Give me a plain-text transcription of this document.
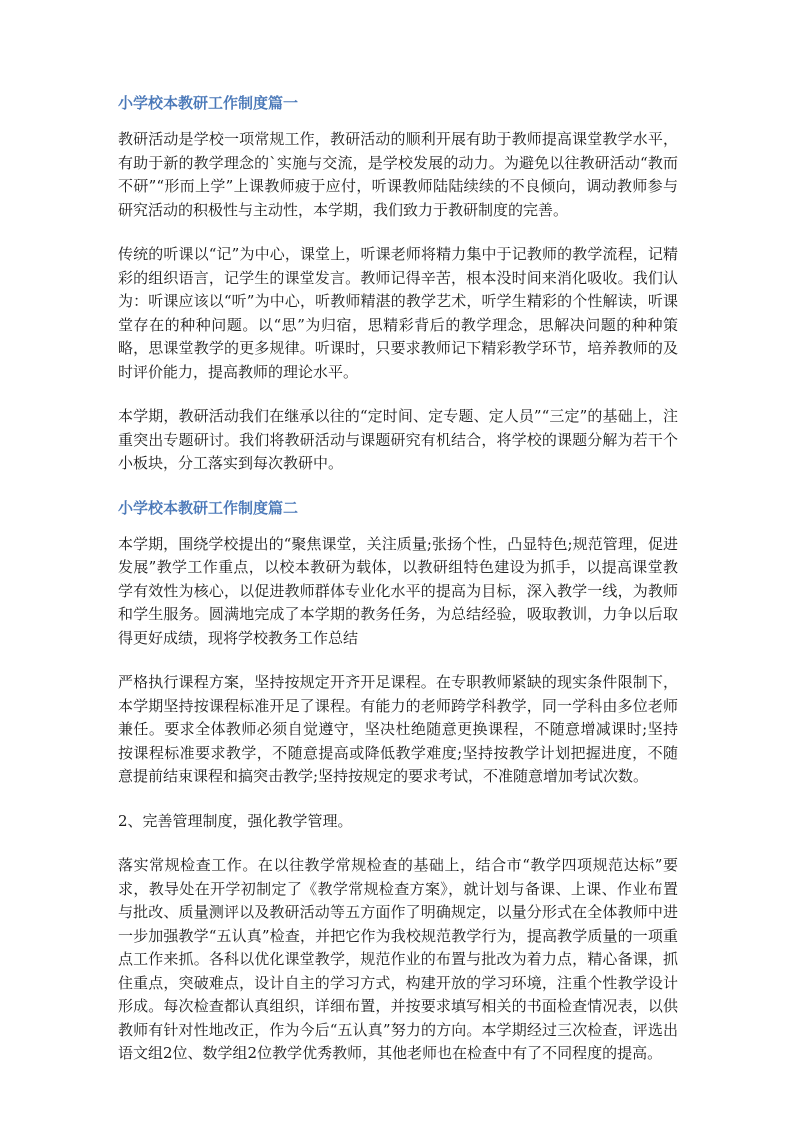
小学校本教研工作制度篇一

教研活动是学校一项常规工作，教研活动的顺利开展有助于教师提高课堂教学水平，有助于新的教学理念的`实施与交流，是学校发展的动力。为避免以往教研活动“教而不研”“形而上学”上课教师疲于应付，听课教师陆陆续续的不良倾向，调动教师参与研究活动的积极性与主动性，本学期，我们致力于教研制度的完善。

传统的听课以“记”为中心，课堂上，听课老师将精力集中于记教师的教学流程，记精彩的组织语言，记学生的课堂发言。教师记得辛苦，根本没时间来消化吸收。我们认为：听课应该以“听”为中心，听教师精湛的教学艺术，听学生精彩的个性解读，听课堂存在的种种问题。以“思”为归宿，思精彩背后的教学理念，思解决问题的种种策略，思课堂教学的更多规律。听课时，只要求教师记下精彩教学环节，培养教师的及时评价能力，提高教师的理论水平。

本学期，教研活动我们在继承以往的“定时间、定专题、定人员”“三定”的基础上，注重突出专题研讨。我们将教研活动与课题研究有机结合，将学校的课题分解为若干个小板块，分工落实到每次教研中。

小学校本教研工作制度篇二

本学期，围绕学校提出的“聚焦课堂，关注质量;张扬个性，凸显特色;规范管理，促进发展”教学工作重点，以校本教研为载体，以教研组特色建设为抓手，以提高课堂教学有效性为核心，以促进教师群体专业化水平的提高为目标，深入教学一线，为教师和学生服务。圆满地完成了本学期的教务任务，为总结经验，吸取教训，力争以后取得更好成绩，现将学校教务工作总结

严格执行课程方案，坚持按规定开齐开足课程。在专职教师紧缺的现实条件限制下，本学期坚持按课程标准开足了课程。有能力的老师跨学科教学，同一学科由多位老师兼任。要求全体教师必须自觉遵守，坚决杜绝随意更换课程，不随意增减课时;坚持按课程标准要求教学，不随意提高或降低教学难度;坚持按教学计划把握进度，不随意提前结束课程和搞突击教学;坚持按规定的要求考试，不准随意增加考试次数。

2、完善管理制度，强化教学管理。

落实常规检查工作。在以往教学常规检查的基础上，结合市“教学四项规范达标”要求，教导处在开学初制定了《教学常规检查方案》，就计划与备课、上课、作业布置与批改、质量测评以及教研活动等五方面作了明确规定，以量分形式在全体教师中进一步加强教学“五认真”检查，并把它作为我校规范教学行为，提高教学质量的一项重点工作来抓。各科以优化课堂教学，规范作业的布置与批改为着力点，精心备课，抓住重点，突破难点，设计自主的学习方式，构建开放的学习环境，注重个性教学设计形成。每次检查都认真组织，详细布置，并按要求填写相关的书面检查情况表，以供教师有针对性地改正，作为今后“五认真”努力的方向。本学期经过三次检查，评选出语文组2位、数学组2位教学优秀教师，其他老师也在检查中有了不同程度的提高。
